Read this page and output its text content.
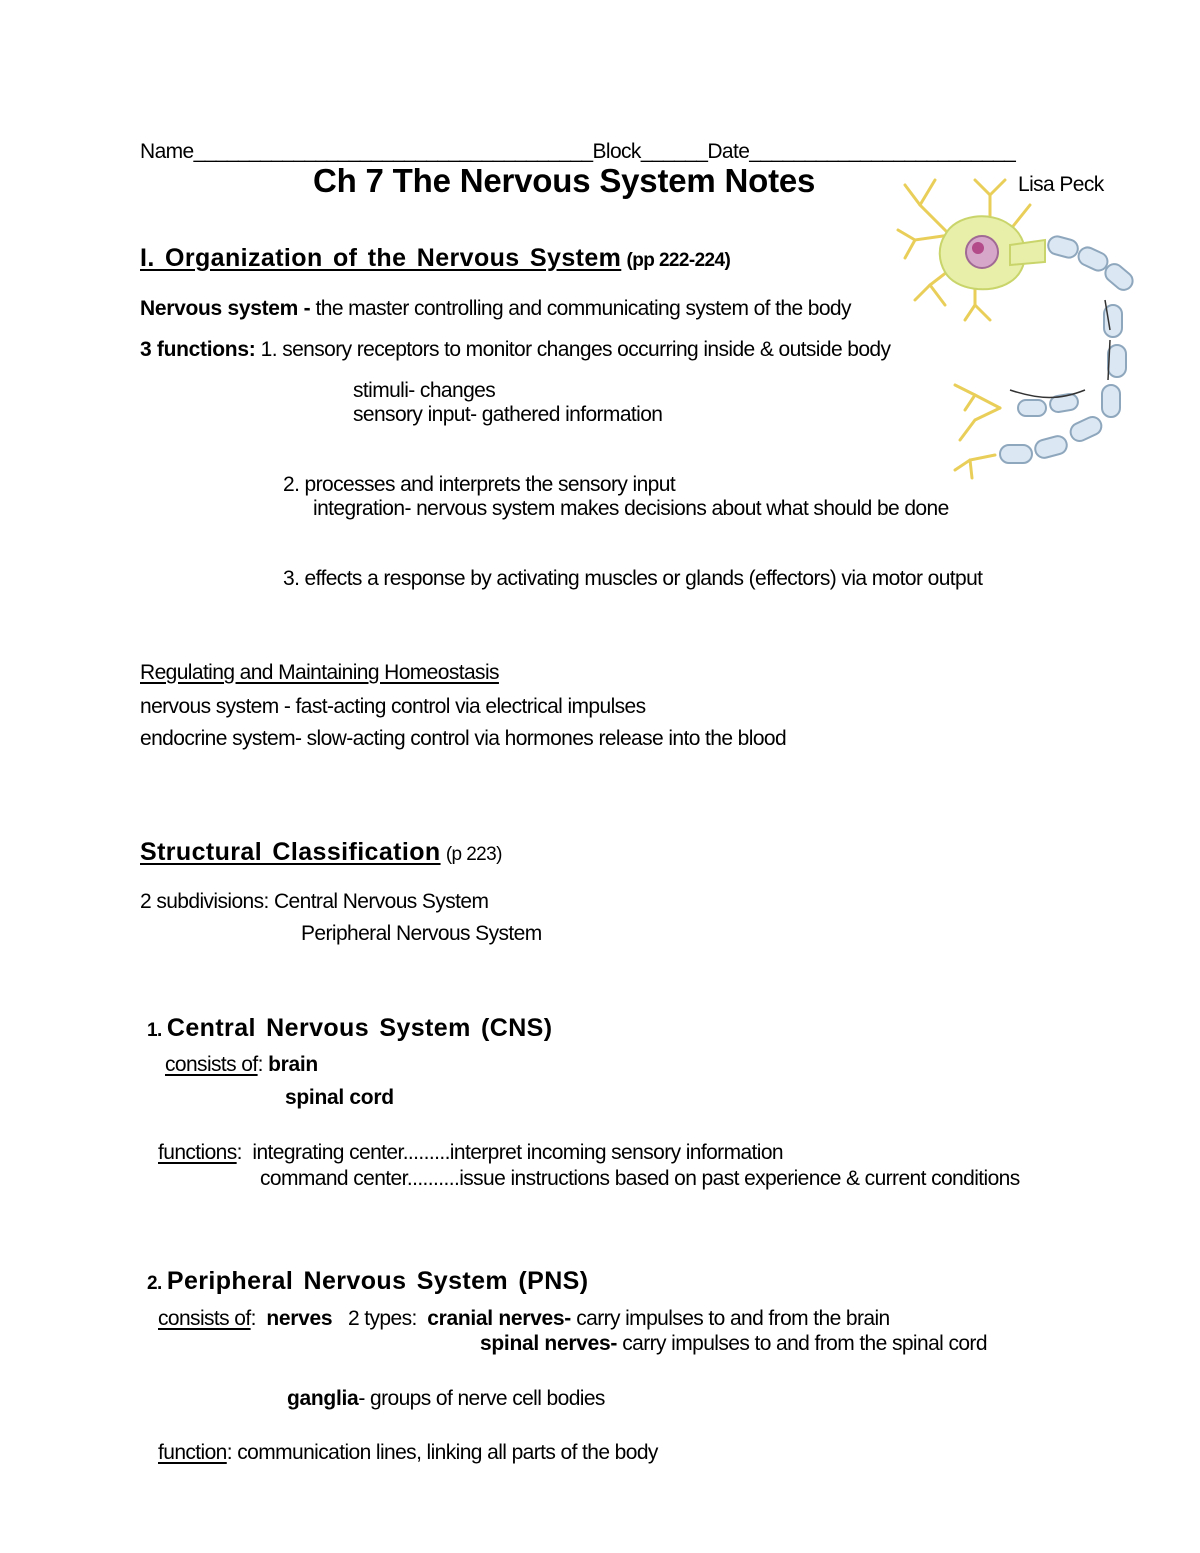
Name____________________________________Block______Date________________________
Ch 7 The Nervous System Notes	Lisa Peck
I. Organization of the Nervous System (pp 222-224)
Nervous system - the master controlling and communicating system of the body
3 functions: 1. sensory receptors to monitor changes occurring inside & outside body
stimuli- changes
sensory input- gathered information
2. processes and interprets the sensory input
integration- nervous system makes decisions about what should be done
3. effects a response by activating muscles or glands (effectors) via motor output
Regulating and Maintaining Homeostasis
nervous system - fast-acting control via electrical impulses
endocrine system- slow-acting control via hormones release into the blood
Structural Classification (p 223)
2 subdivisions: Central Nervous System
Peripheral Nervous System
1. Central Nervous System (CNS)
consists of: brain
spinal cord
functions: integrating center.........interpret incoming sensory information
command center..........issue instructions based on past experience & current conditions
2. Peripheral Nervous System (PNS)
consists of: nerves 2 types: cranial nerves- carry impulses to and from the brain
spinal nerves- carry impulses to and from the spinal cord
ganglia- groups of nerve cell bodies
function: communication lines, linking all parts of the body
